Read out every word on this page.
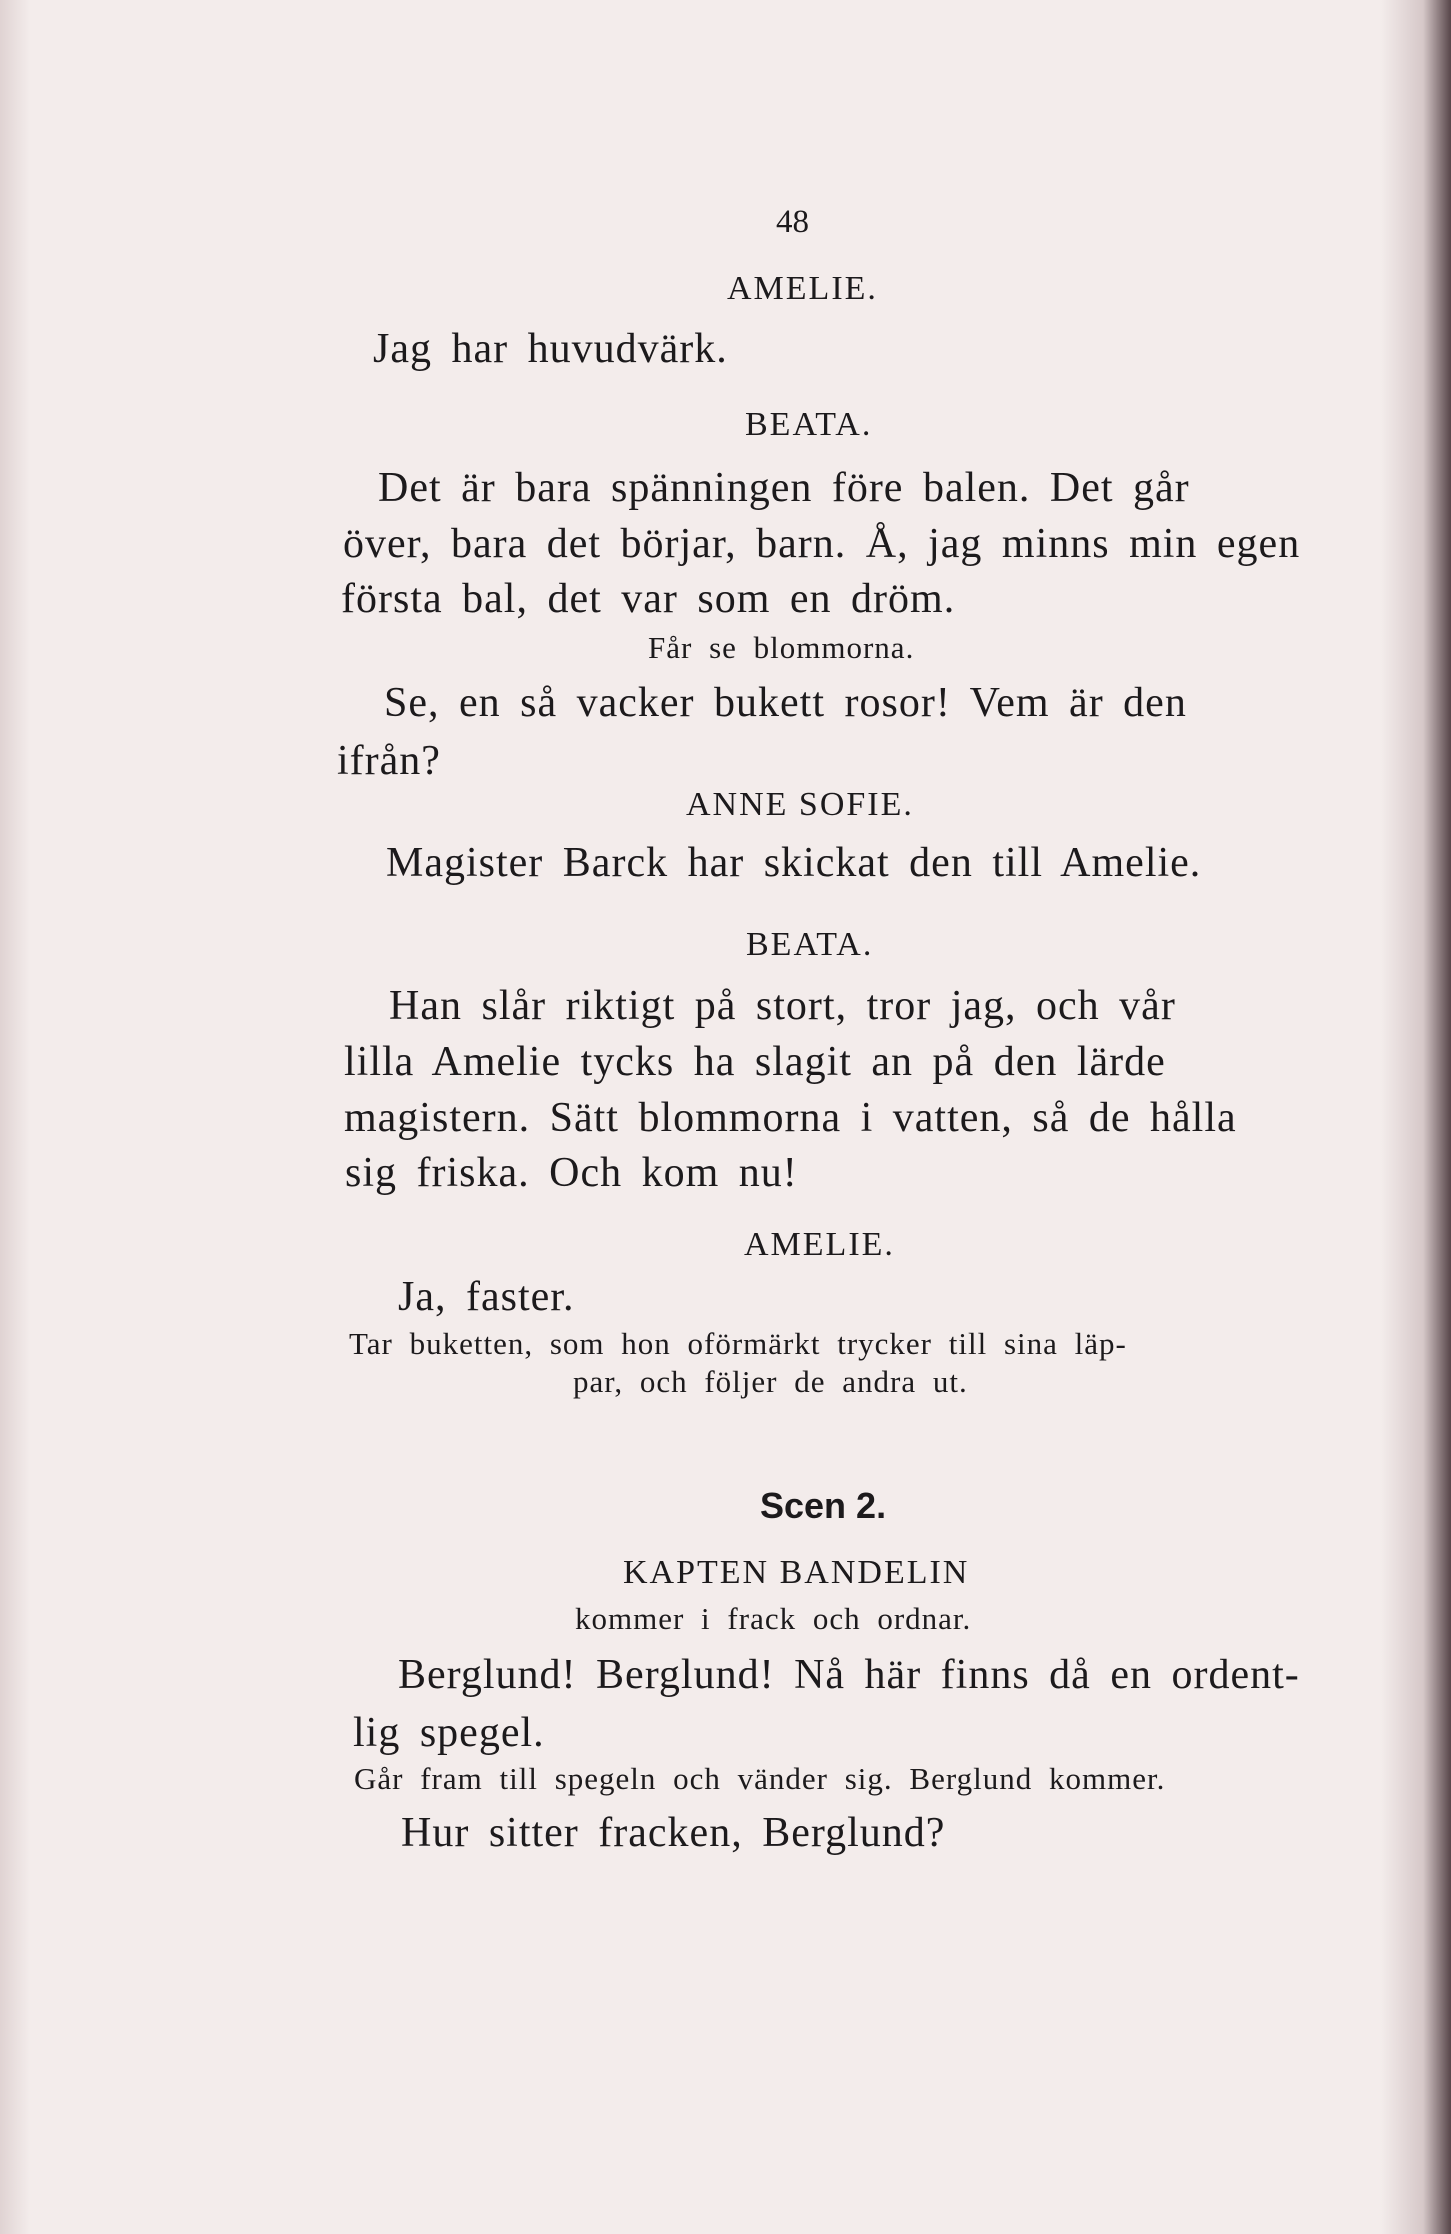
48
AMELIE.
Jag har huvudvärk.
BEATA.
Det är bara spänningen före balen. Det går
över, bara det börjar, barn. Å, jag minns min egen
första bal, det var som en dröm.
Får se blommorna.
Se, en så vacker bukett rosor! Vem är den
ifrån?
ANNE SOFIE.
Magister Barck har skickat den till Amelie.
BEATA.
Han slår riktigt på stort, tror jag, och vår
lilla Amelie tycks ha slagit an på den lärde
magistern. Sätt blommorna i vatten, så de hålla
sig friska. Och kom nu!
AMELIE.
Ja, faster.
Tar buketten, som hon oförmärkt trycker till sina läp-
par, och följer de andra ut.
Scen 2.
KAPTEN BANDELIN
kommer i frack och ordnar.
Berglund! Berglund! Nå här finns då en ordent-
lig spegel.
Går fram till spegeln och vänder sig. Berglund kommer.
Hur sitter fracken, Berglund?
